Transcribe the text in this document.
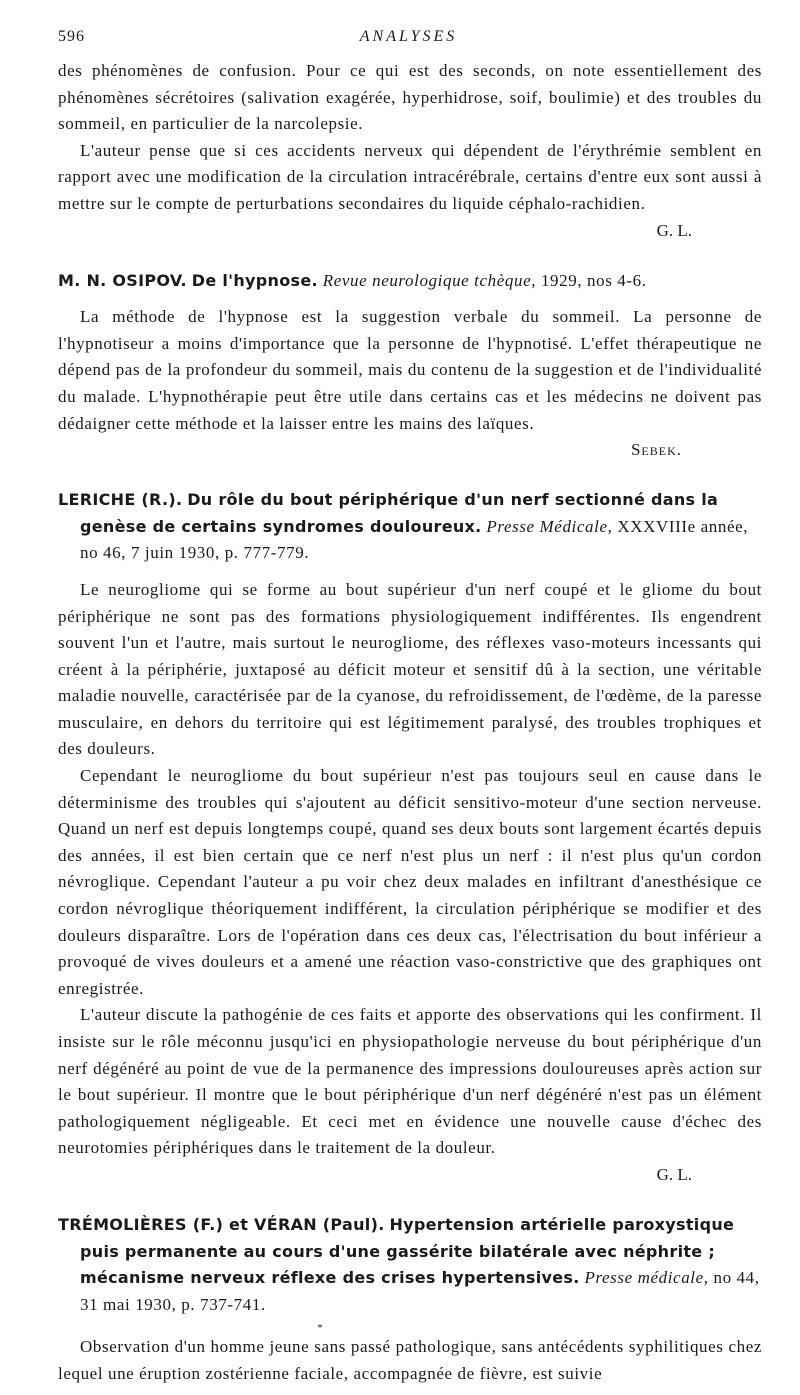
596	ANALYSES

des phénomènes de confusion. Pour ce qui est des seconds, on note essentiellement des phénomènes sécrétoires (salivation exagérée, hyperhidrose, soif, boulimie) et des troubles du sommeil, en particulier de la narcolepsie.

L'auteur pense que si ces accidents nerveux qui dépendent de l'érythrémie semblent en rapport avec une modification de la circulation intracérébrale, certains d'entre eux sont aussi à mettre sur le compte de perturbations secondaires du liquide céphalo-rachidien.

G. L.

M. N. OSIPOV. De l'hypnose. Revue neurologique tchèque, 1929, nos 4-6.

La méthode de l'hypnose est la suggestion verbale du sommeil. La personne de l'hypnotiseur a moins d'importance que la personne de l'hypnotisé. L'effet thérapeutique ne dépend pas de la profondeur du sommeil, mais du contenu de la suggestion et de l'individualité du malade. L'hypnothérapie peut être utile dans certains cas et les médecins ne doivent pas dédaigner cette méthode et la laisser entre les mains des laïques.

Sebek.

LERICHE (R.). Du rôle du bout périphérique d'un nerf sectionné dans la genèse de certains syndromes douloureux. Presse Médicale, XXXVIIIe année, no 46, 7 juin 1930, p. 777-779.

Le neurogliome qui se forme au bout supérieur d'un nerf coupé et le gliome du bout périphérique ne sont pas des formations physiologiquement indifférentes. Ils engendrent souvent l'un et l'autre, mais surtout le neurogliome, des réflexes vaso-moteurs incessants qui créent à la périphérie, juxtaposé au déficit moteur et sensitif dû à la section, une véritable maladie nouvelle, caractérisée par de la cyanose, du refroidissement, de l'œdème, de la paresse musculaire, en dehors du territoire qui est légitimement paralysé, des troubles trophiques et des douleurs.

Cependant le neurogliome du bout supérieur n'est pas toujours seul en cause dans le déterminisme des troubles qui s'ajoutent au déficit sensitivo-moteur d'une section nerveuse. Quand un nerf est depuis longtemps coupé, quand ses deux bouts sont largement écartés depuis des années, il est bien certain que ce nerf n'est plus un nerf : il n'est plus qu'un cordon névroglique. Cependant l'auteur a pu voir chez deux malades en infiltrant d'anesthésique ce cordon névroglique théoriquement indifférent, la circulation périphérique se modifier et des douleurs disparaître. Lors de l'opération dans ces deux cas, l'électrisation du bout inférieur a provoqué de vives douleurs et a amené une réaction vaso-constrictive que des graphiques ont enregistrée.

L'auteur discute la pathogénie de ces faits et apporte des observations qui les confirment. Il insiste sur le rôle méconnu jusqu'ici en physiopathologie nerveuse du bout périphérique d'un nerf dégénéré au point de vue de la permanence des impressions douloureuses après action sur le bout supérieur. Il montre que le bout périphérique d'un nerf dégénéré n'est pas un élément pathologiquement négligeable. Et ceci met en évidence une nouvelle cause d'échec des neurotomies périphériques dans le traitement de la douleur.

G. L.

TRÉMOLIÈRES (F.) et VÉRAN (Paul). Hypertension artérielle paroxystique puis permanente au cours d'une gassérite bilatérale avec néphrite ; mécanisme nerveux réflexe des crises hypertensives. Presse médicale, no 44, 31 mai 1930, p. 737-741.

*

Observation d'un homme jeune sans passé pathologique, sans antécédents syphilitiques chez lequel une éruption zostérienne faciale, accompagnée de fièvre, est suivie
